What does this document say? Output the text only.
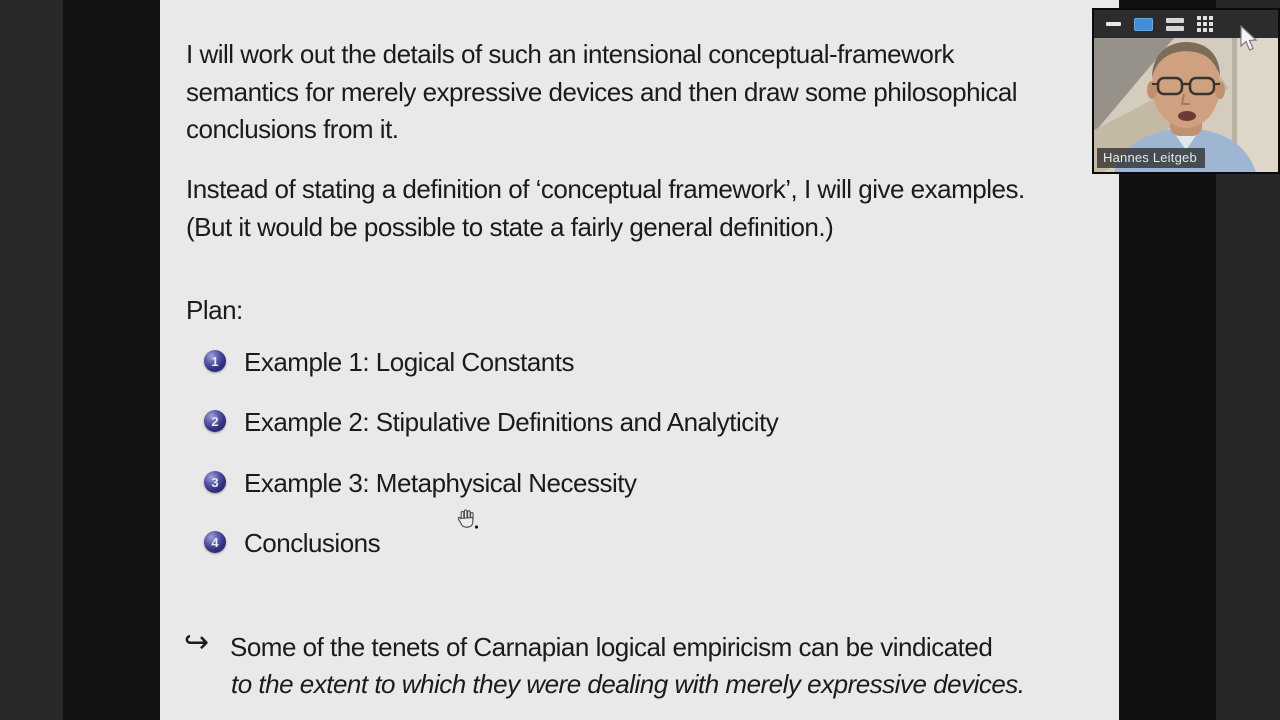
I will work out the details of such an intensional conceptual-framework
semantics for merely expressive devices and then draw some philosophical
conclusions from it.
Instead of stating a definition of ‘conceptual framework’, I will give examples.
(But it would be possible to state a fairly general definition.)
Plan:
1 Example 1: Logical Constants
2 Example 2: Stipulative Definitions and Analyticity
3 Example 3: Metaphysical Necessity
4 Conclusions
↪ Some of the tenets of Carnapian logical empiricism can be vindicated
to the extent to which they were dealing with merely expressive devices.
Hannes Leitgeb
